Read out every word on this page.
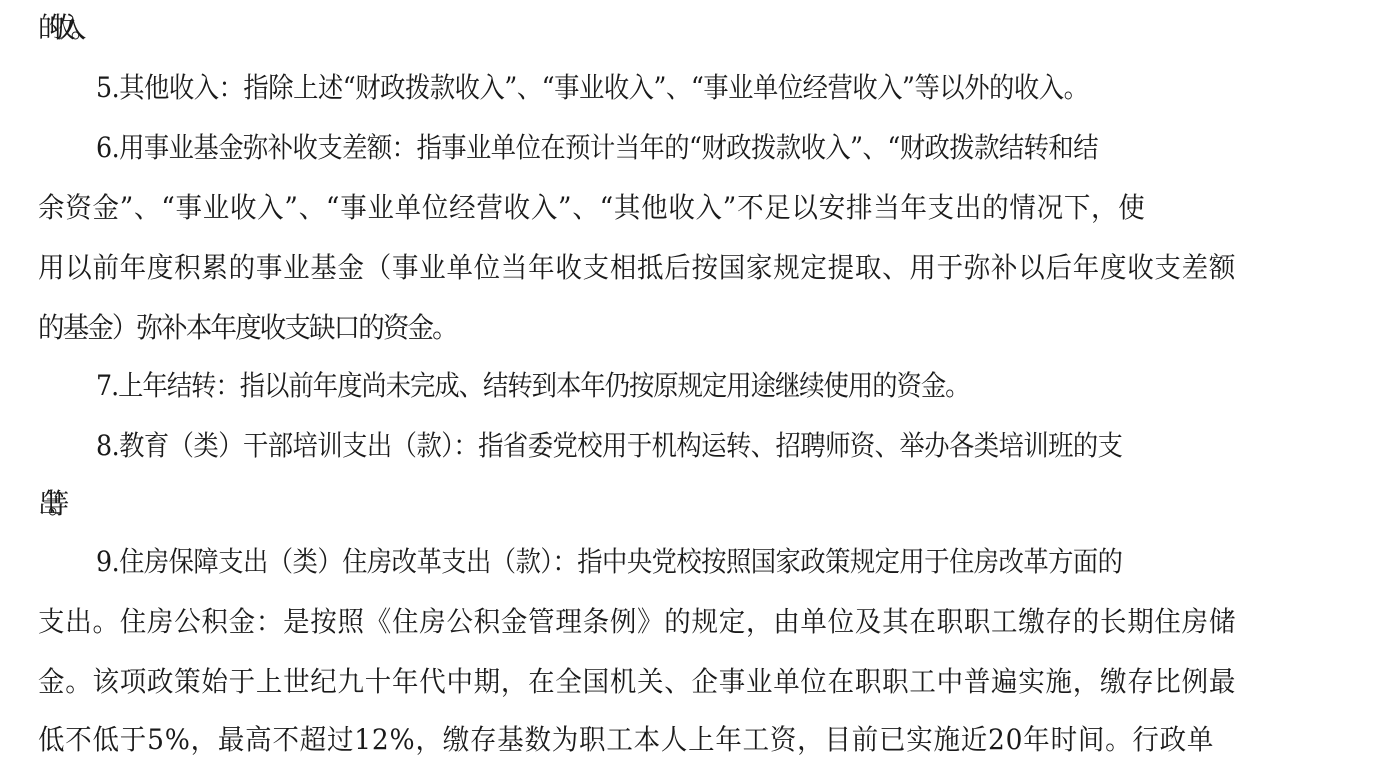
的收入。
5.其他收入：指除上述“财政拨款收入”、“事业收入”、“事业单位经营收入”等以外的收入。
6.用事业基金弥补收支差额：指事业单位在预计当年的“财政拨款收入”、“财政拨款结转和结
余资金”、“事业收入”、“事业单位经营收入”、“其他收入”不足以安排当年支出的情况下，使
用以前年度积累的事业基金（事业单位当年收支相抵后按国家规定提取、用于弥补以后年度收支差额
的基金）弥补本年度收支缺口的资金。
7.上年结转：指以前年度尚未完成、结转到本年仍按原规定用途继续使用的资金。
8.教育（类）干部培训支出（款）：指省委党校用于机构运转、招聘师资、举办各类培训班的支
出等。
9.住房保障支出（类）住房改革支出（款）：指中央党校按照国家政策规定用于住房改革方面的
支出。住房公积金：是按照《住房公积金管理条例》的规定，由单位及其在职职工缴存的长期住房储
金。该项政策始于上世纪九十年代中期，在全国机关、企事业单位在职职工中普遍实施，缴存比例最
低不低于5%，最高不超过12%，缴存基数为职工本人上年工资，目前已实施近20年时间。行政单
